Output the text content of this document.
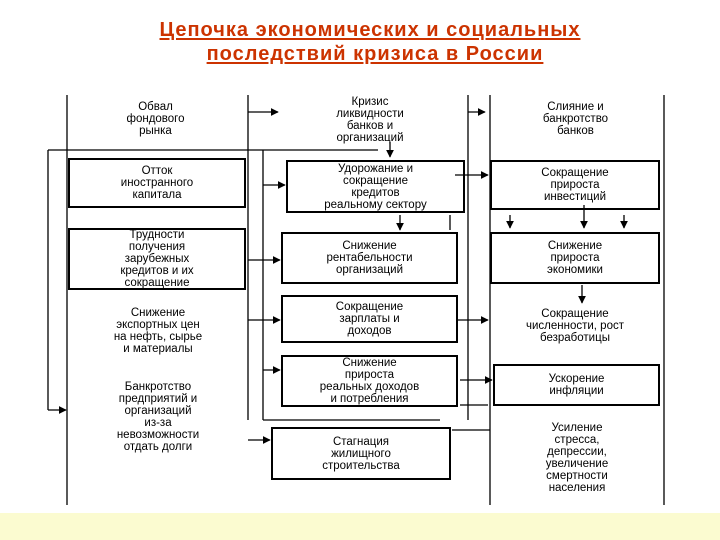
Цепочка экономических и социальных
последствий кризиса в России
Обвал
фондового
рынка
Отток
иностранного
капитала
Трудности
получения
зарубежных
кредитов и их
сокращение
Снижение
экспортных цен
на нефть, сырье
и материалы
Банкротство
предприятий и
организаций
из-за
невозможности
отдать долги
Кризис
ликвидности
банков и
организаций
Удорожание и
сокращение
кредитов
реальному сектору
Снижение
рентабельности
организаций
Сокращение
зарплаты и
доходов
Снижение
прироста
реальных доходов
и потребления
Стагнация
жилищного
строительства
Слияние и
банкротство
банков
Сокращение
прироста
инвестиций
Снижение
прироста
экономики
Сокращение
численности, рост
безработицы
Ускорение
инфляции
Усиление
стресса,
депрессии,
увеличение
смертности
населения
